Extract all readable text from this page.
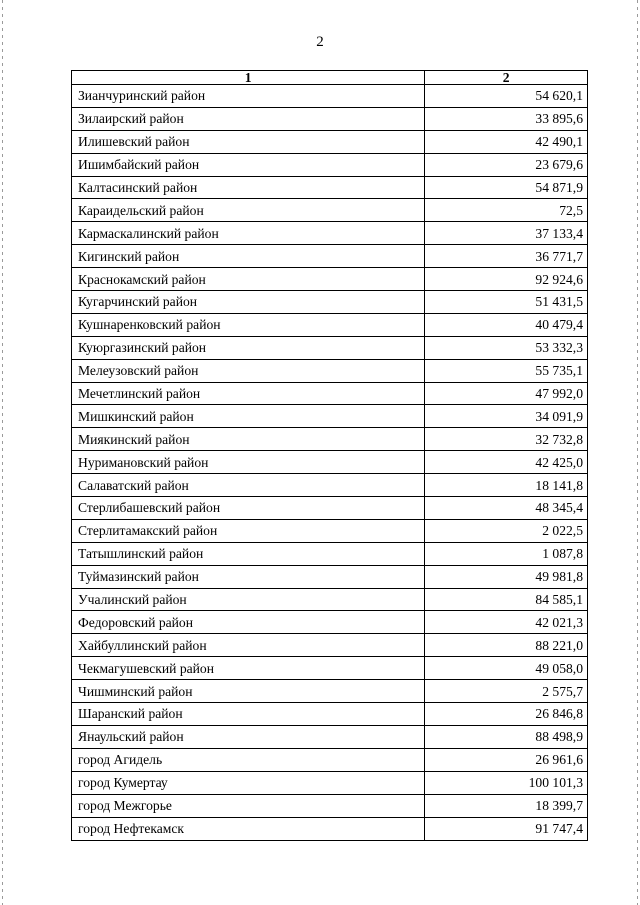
2
1	2
Зианчуринский район	54 620,1
Зилаирский район	33 895,6
Илишевский район	42 490,1
Ишимбайский район	23 679,6
Калтасинский район	54 871,9
Караидельский район	72,5
Кармаскалинский район	37 133,4
Кигинский район	36 771,7
Краснокамский район	92 924,6
Кугарчинский район	51 431,5
Кушнаренковский район	40 479,4
Куюргазинский район	53 332,3
Мелеузовский район	55 735,1
Мечетлинский район	47 992,0
Мишкинский район	34 091,9
Миякинский район	32 732,8
Нуримановский район	42 425,0
Салаватский район	18 141,8
Стерлибашевский район	48 345,4
Стерлитамакский район	2 022,5
Татышлинский район	1 087,8
Туймазинский район	49 981,8
Учалинский район	84 585,1
Федоровский район	42 021,3
Хайбуллинский район	88 221,0
Чекмагушевский район	49 058,0
Чишминский район	2 575,7
Шаранский район	26 846,8
Янаульский район	88 498,9
город Агидель	26 961,6
город Кумертау	100 101,3
город Межгорье	18 399,7
город Нефтекамск	91 747,4
